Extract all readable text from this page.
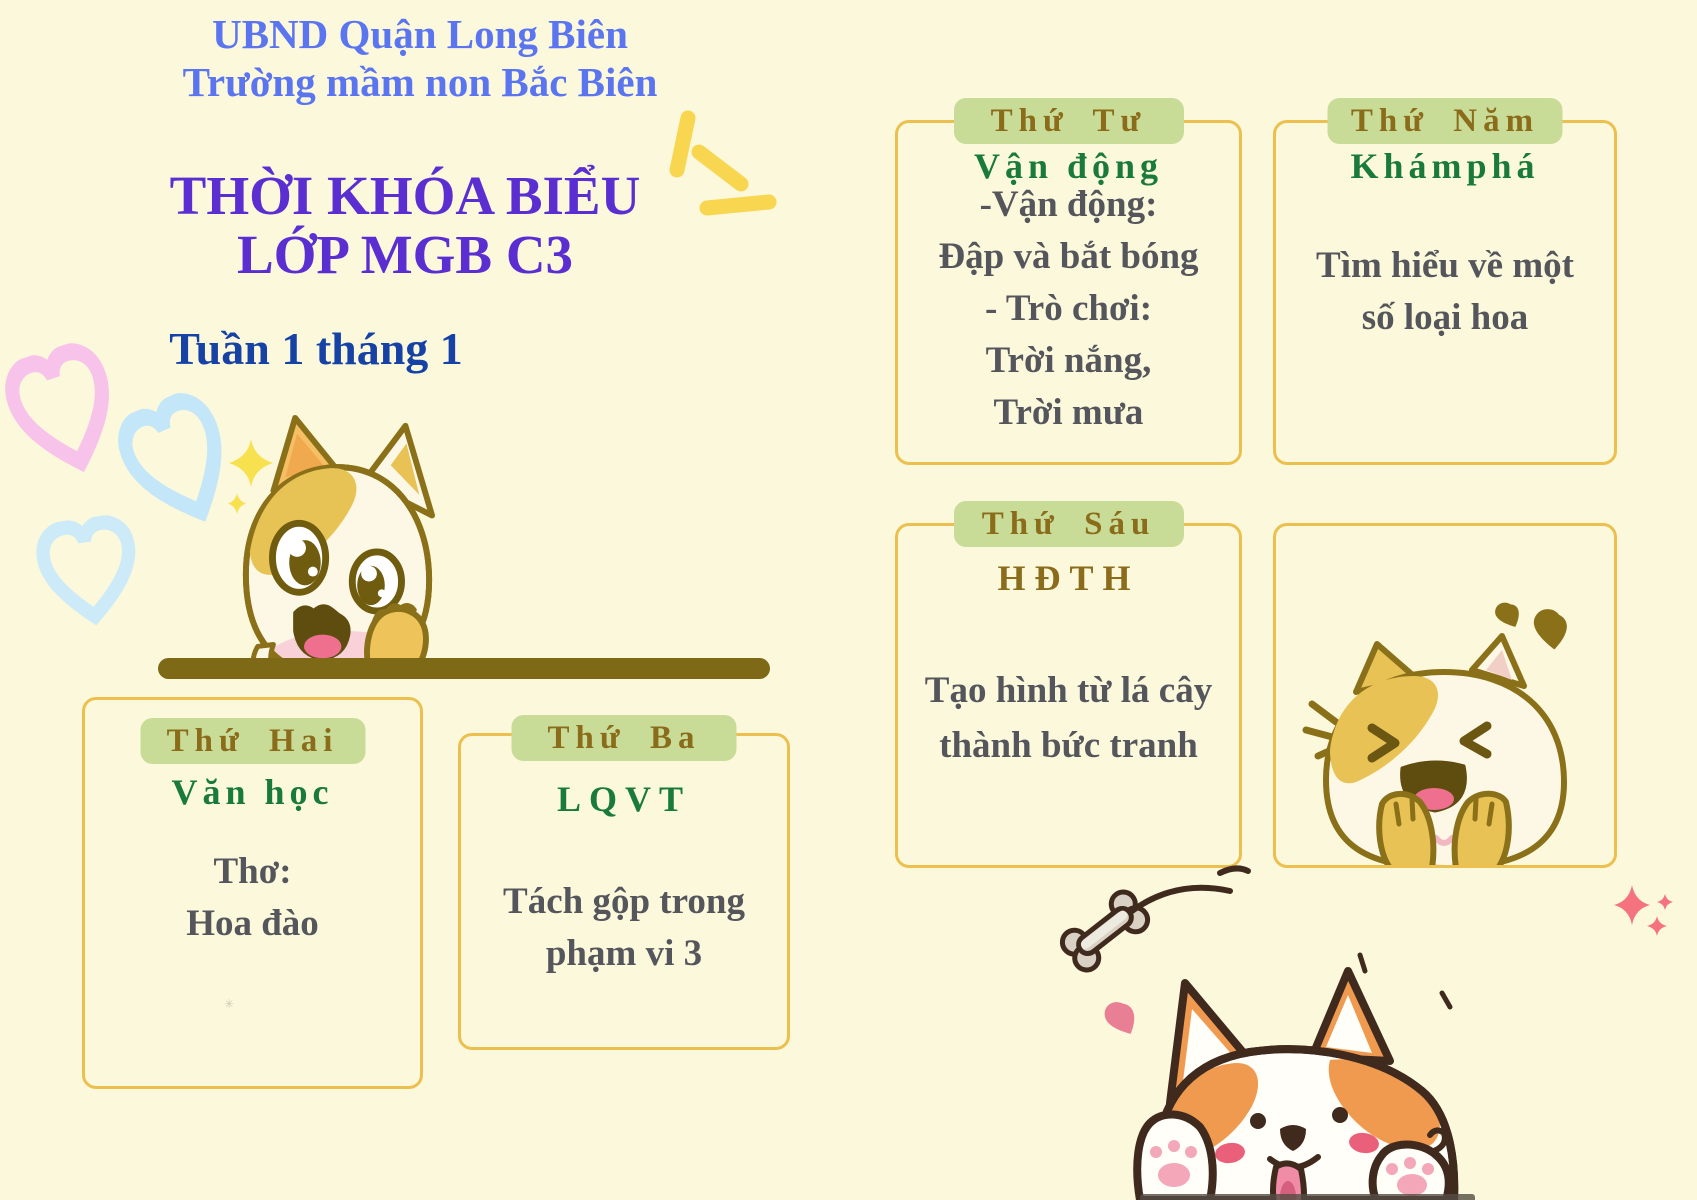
UBND Quận Long Biên
Trường mầm non Bắc Biên
THỜI KHÓA BIỂU
LỚP MGB C3
Tuần 1 tháng 1
Thứ Hai
Văn học
Thơ:
Hoa đào
Thứ Ba
LQVT
Tách gộp trong
phạm vi 3
Thứ Tư
Vận động
-Vận động:
Đập và bắt bóng
- Trò chơi:
Trời nắng,
Trời mưa
Thứ Năm
Khámphá
Tìm hiểu về một
số loại hoa
Thứ Sáu
HĐTH
Tạo hình từ lá cây
thành bức tranh
✳
